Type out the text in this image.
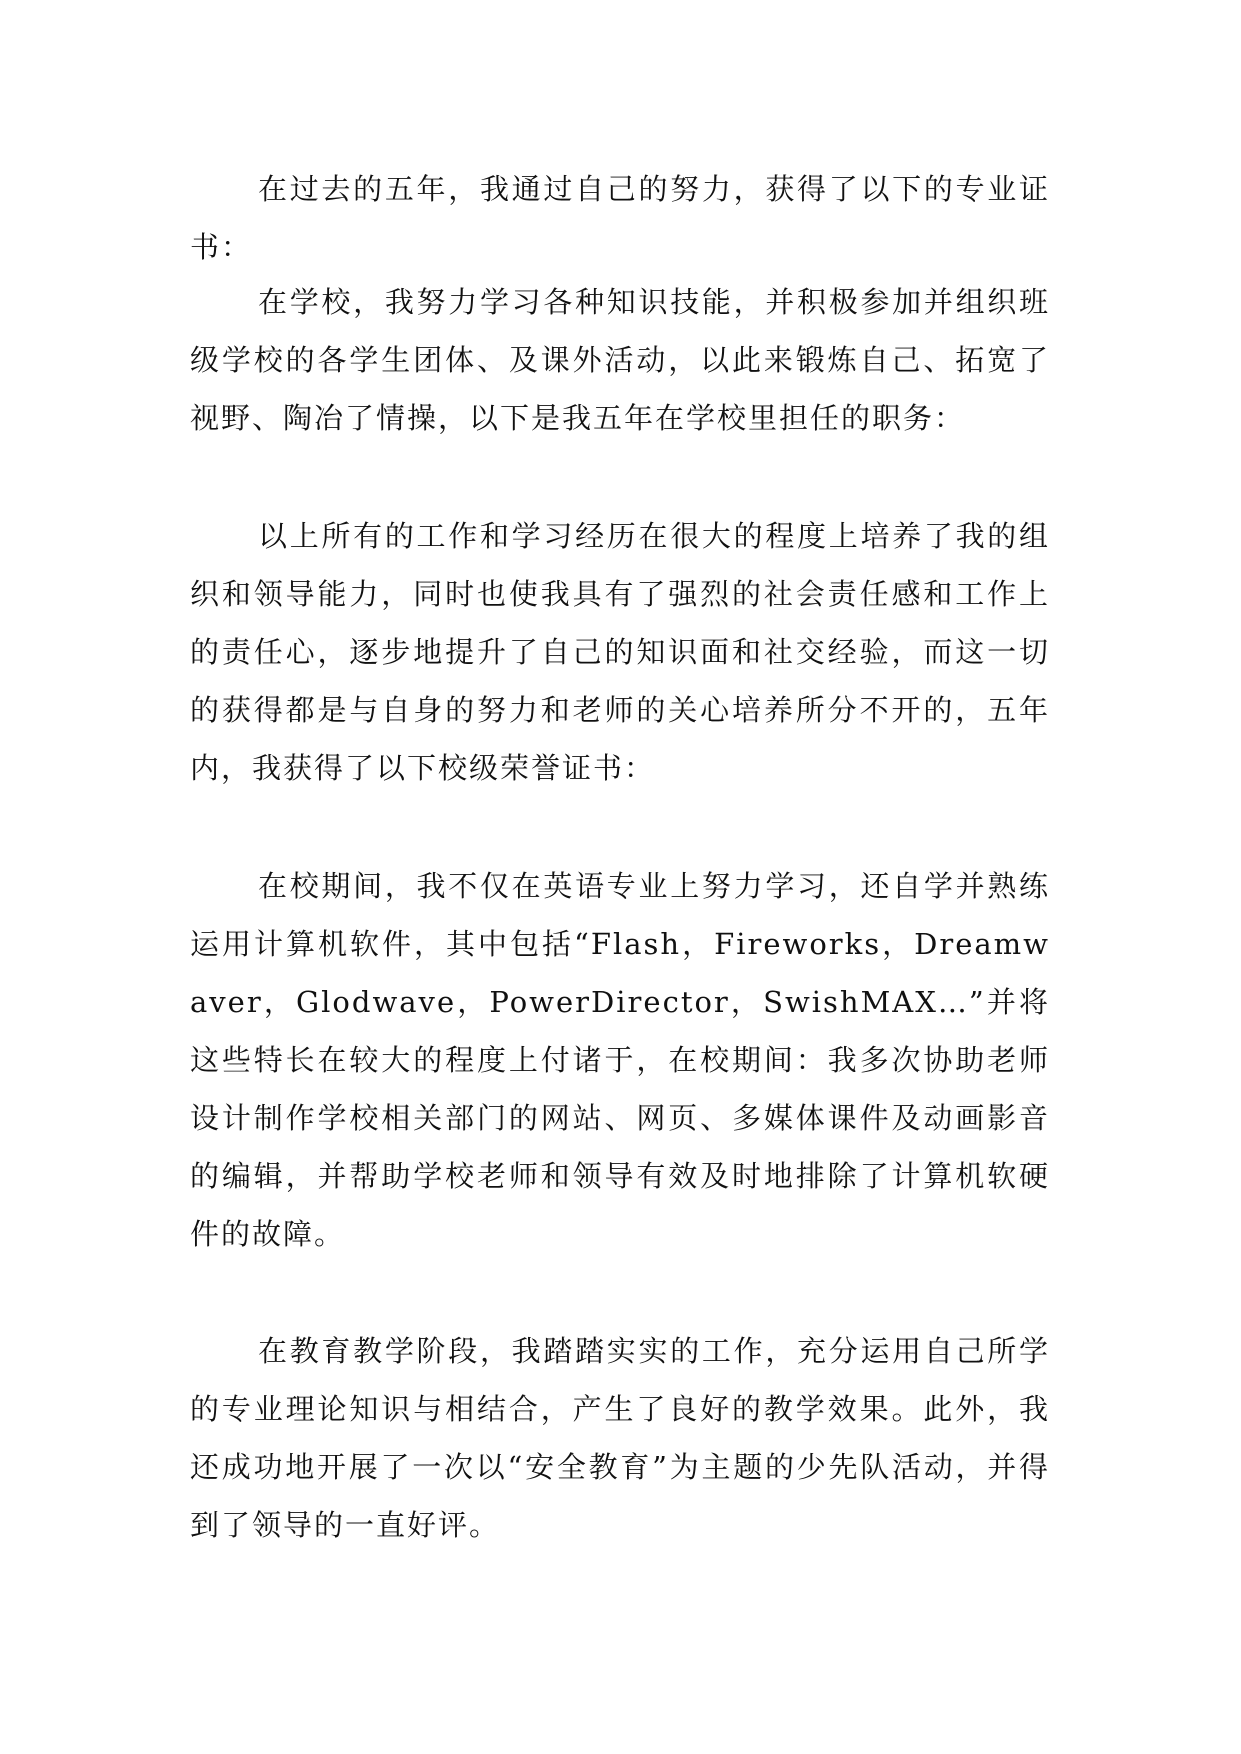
在过去的五年，我通过自己的努力，获得了以下的专业证书：

在学校，我努力学习各种知识技能，并积极参加并组织班级学校的各学生团体、及课外活动，以此来锻炼自己、拓宽了视野、陶冶了情操，以下是我五年在学校里担任的职务：

以上所有的工作和学习经历在很大的程度上培养了我的组织和领导能力，同时也使我具有了强烈的社会责任感和工作上的责任心，逐步地提升了自己的知识面和社交经验，而这一切的获得都是与自身的努力和老师的关心培养所分不开的，五年内，我获得了以下校级荣誉证书：

在校期间，我不仅在英语专业上努力学习，还自学并熟练运用计算机软件，其中包括“Flash，Fireworks，Dreamwaver，Glodwave，PowerDirector，SwishMAX…”并将这些特长在较大的程度上付诸于，在校期间：我多次协助老师设计制作学校相关部门的网站、网页、多媒体课件及动画影音的编辑，并帮助学校老师和领导有效及时地排除了计算机软硬件的故障。

在教育教学阶段，我踏踏实实的工作，充分运用自己所学的专业理论知识与相结合，产生了良好的教学效果。此外，我还成功地开展了一次以“安全教育”为主题的少先队活动，并得到了领导的一直好评。
